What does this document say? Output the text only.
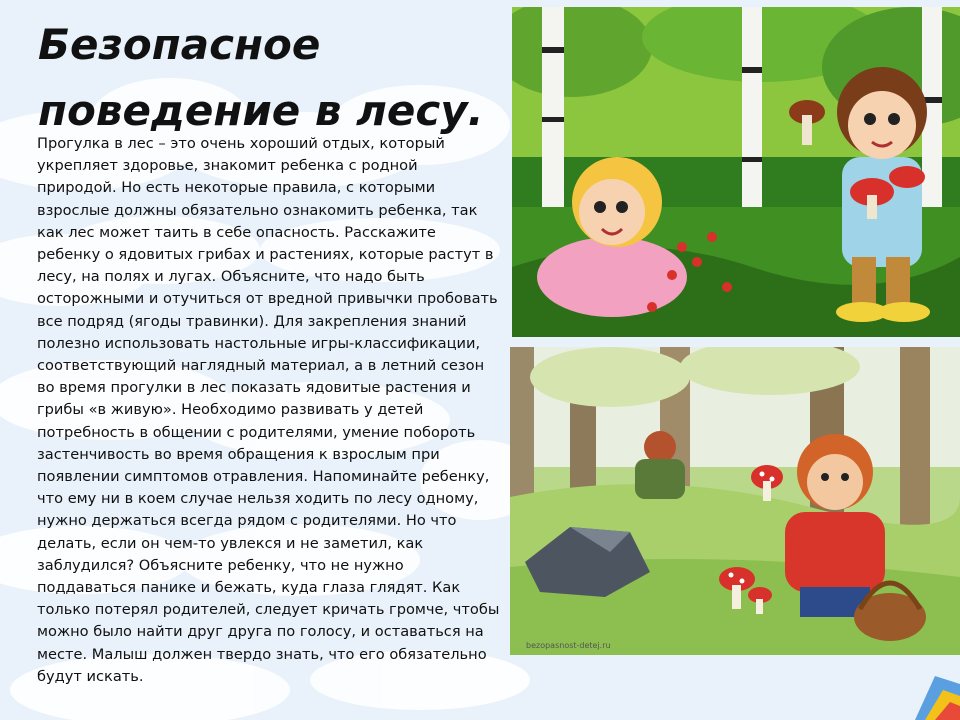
Безопасное поведение в лесу.

Прогулка в лес – это очень хороший отдых, который укрепляет здоровье, знакомит ребенка с родной природой. Но есть некоторые правила, с которыми взрослые должны обязательно ознакомить ребенка, так как лес может таить в себе опасность. Расскажите ребенку о ядовитых грибах и растениях, которые растут в лесу, на полях и лугах. Объясните, что надо быть осторожными и отучиться от вредной привычки пробовать все подряд (ягоды травинки). Для закрепления знаний полезно использовать настольные игры-классификации, соответствующий наглядный материал, а в летний сезон во время прогулки в лес показать ядовитые растения и грибы «в живую». Необходимо развивать у детей потребность в общении с родителями, умение побороть застенчивость во время обращения к взрослым при появлении симптомов отравления. Напоминайте ребенку, что ему ни в коем случае нельзя ходить по лесу одному, нужно держаться всегда рядом с родителями. Но что делать, если он чем-то увлекся и не заметил, как заблудился? Объясните ребенку, что не нужно поддаваться панике и бежать, куда глаза глядят. Как только потерял родителей, следует кричать громче, чтобы можно было найти друг друга по голосу, и оставаться на месте. Малыш должен твердо знать, что его обязательно будут искать.

bezopasnost-detej.ru
